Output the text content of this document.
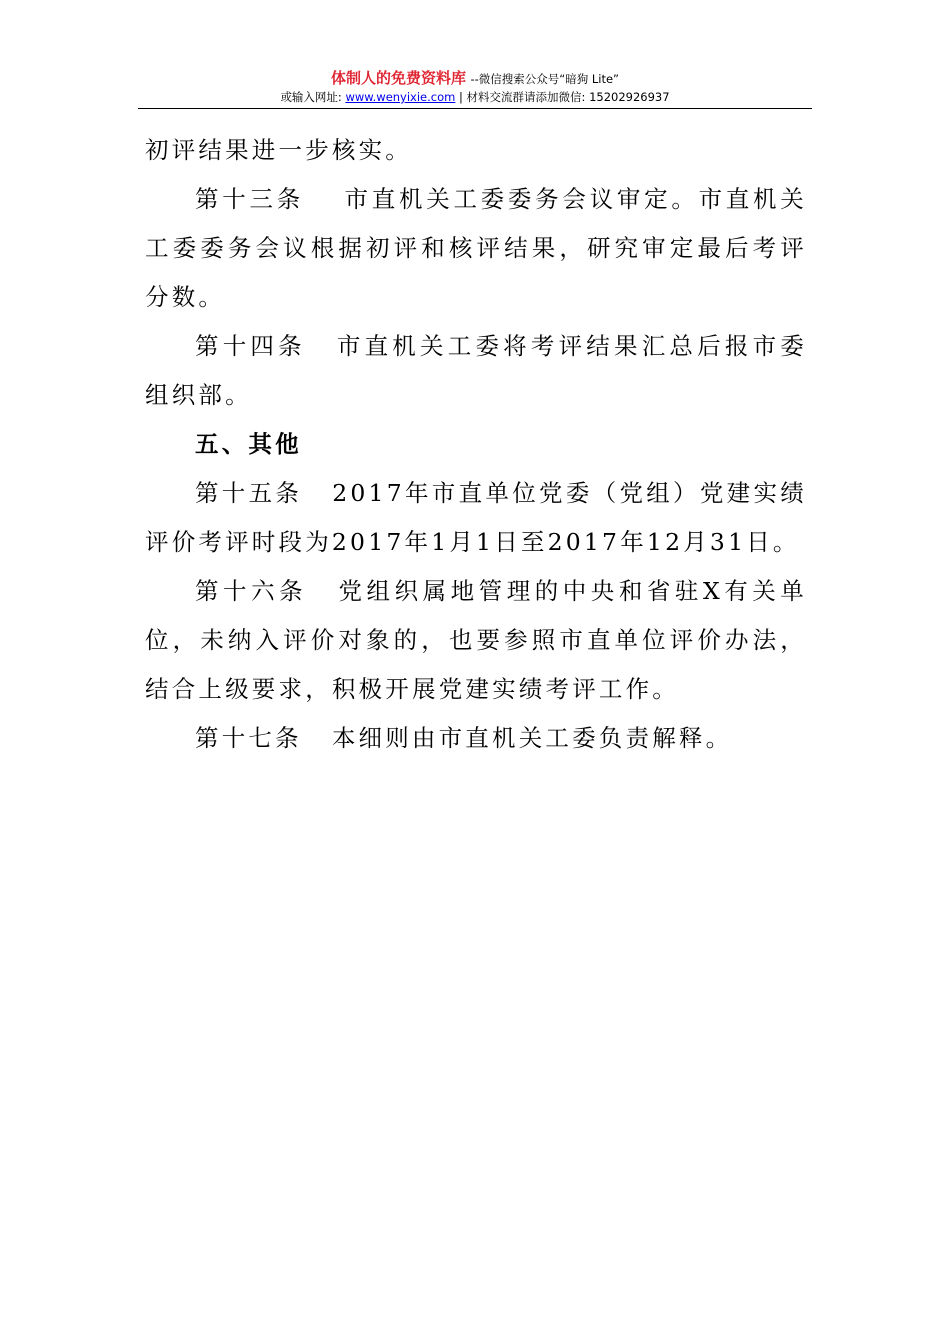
体制人的免费资料库 --微信搜索公众号“暗狗 Lite”
或输入网址: www.wenyixie.com | 材料交流群请添加微信: 15202926937

初评结果进一步核实。

第十三条 市直机关工委委务会议审定。市直机关工委委务会议根据初评和核评结果，研究审定最后考评分数。

第十四条 市直机关工委将考评结果汇总后报市委组织部。

五、其他

第十五条 2017年市直单位党委（党组）党建实绩评价考评时段为2017年1月1日至2017年12月31日。

第十六条 党组织属地管理的中央和省驻X有关单位，未纳入评价对象的，也要参照市直单位评价办法，结合上级要求，积极开展党建实绩考评工作。

第十七条 本细则由市直机关工委负责解释。
